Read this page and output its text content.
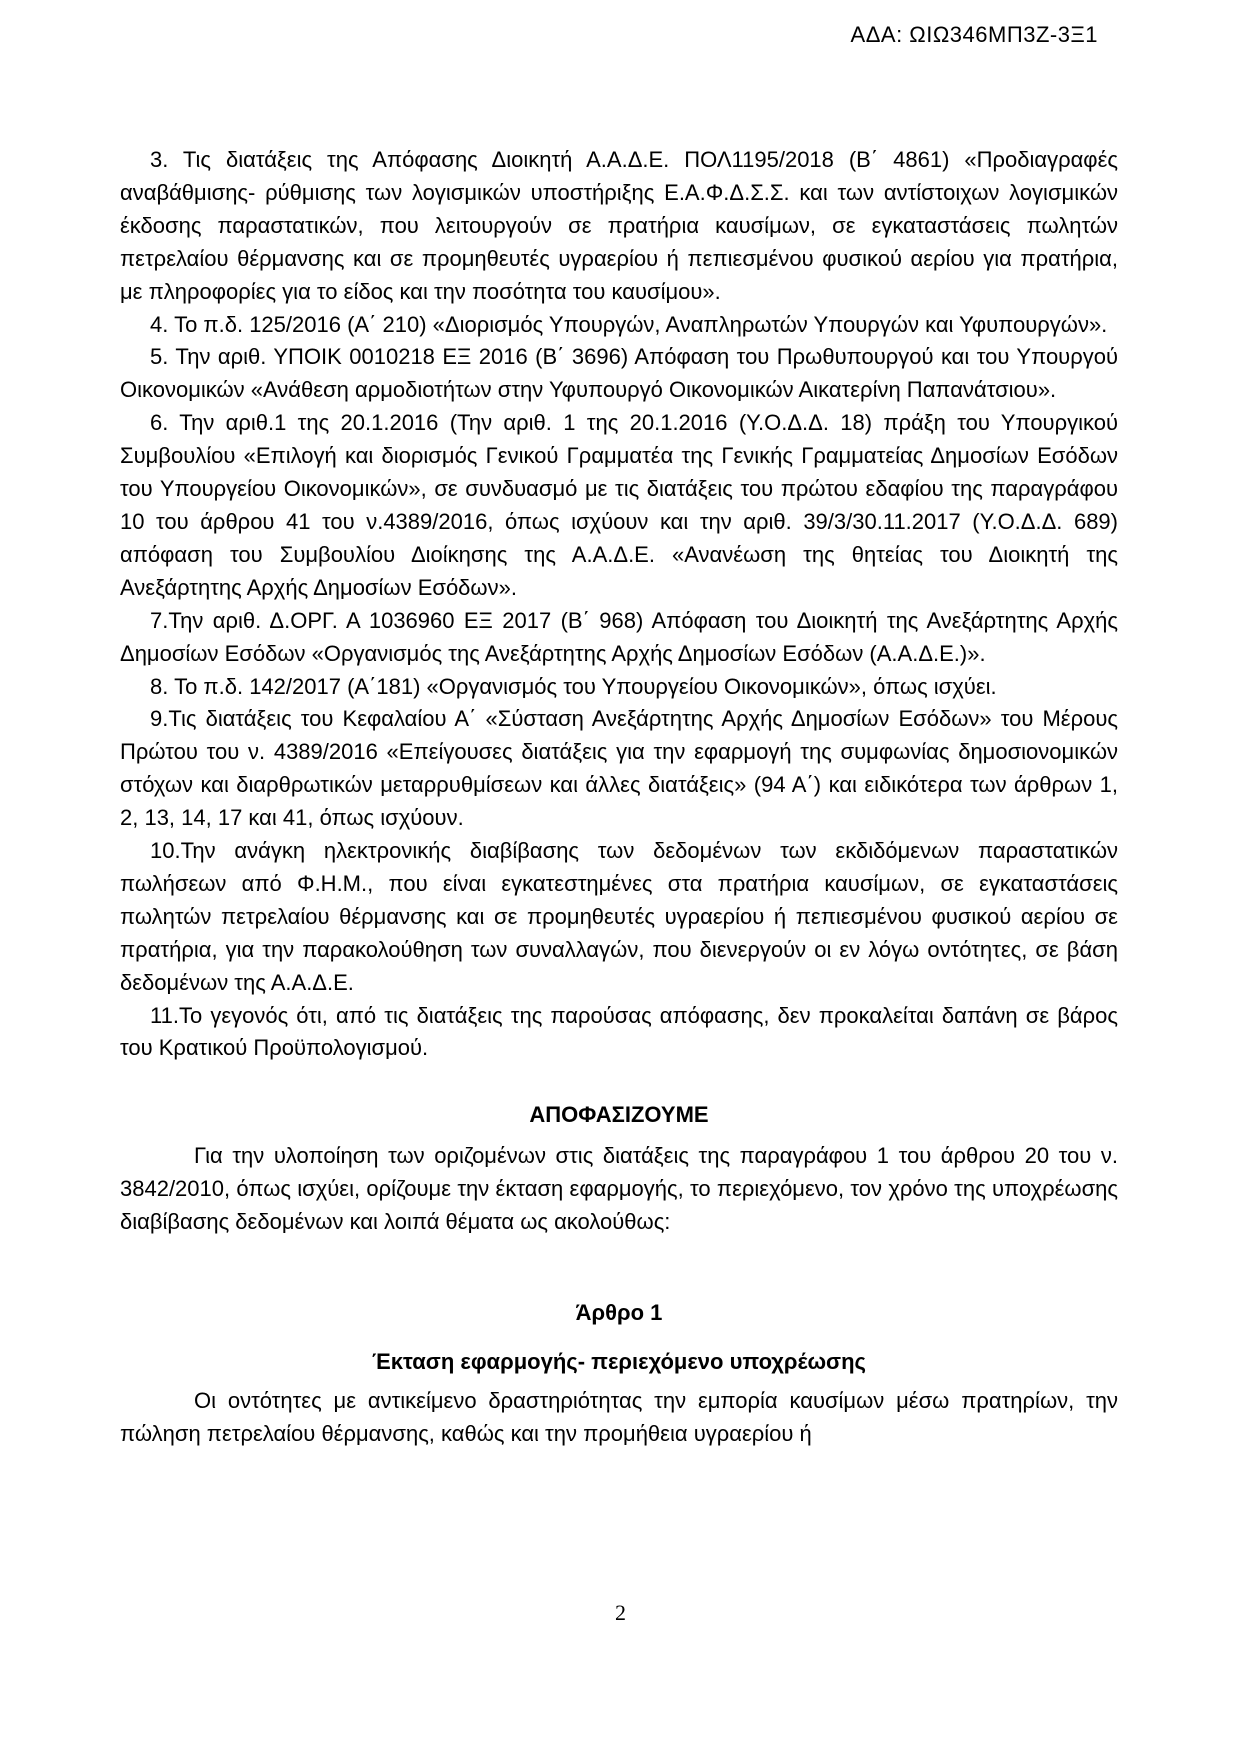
ΑΔΑ: ΩΙΩ346ΜΠ3Ζ-3Ξ1

3. Τις διατάξεις της Απόφασης Διοικητή Α.Α.Δ.Ε. ΠΟΛ1195/2018 (Β΄ 4861) «Προδιαγραφές αναβάθμισης- ρύθμισης των λογισμικών υποστήριξης Ε.Α.Φ.Δ.Σ.Σ. και των αντίστοιχων λογισμικών έκδοσης παραστατικών, που λειτουργούν σε πρατήρια καυσίμων, σε εγκαταστάσεις πωλητών πετρελαίου θέρμανσης και σε προμηθευτές υγραερίου ή πεπιεσμένου φυσικού αερίου για πρατήρια, με πληροφορίες για το είδος και την ποσότητα του καυσίμου».

4. Το π.δ. 125/2016 (Α΄ 210) «Διορισμός Υπουργών, Αναπληρωτών Υπουργών και Υφυπουργών».

5. Την αριθ. ΥΠΟΙΚ 0010218 ΕΞ 2016 (Β΄ 3696) Απόφαση του Πρωθυπουργού και του Υπουργού Οικονομικών «Ανάθεση αρμοδιοτήτων στην Υφυπουργό Οικονομικών Αικατερίνη Παπανάτσιου».

6. Την αριθ.1 της 20.1.2016 (Την αριθ. 1 της 20.1.2016 (Υ.Ο.Δ.Δ. 18) πράξη του Υπουργικού Συμβουλίου «Επιλογή και διορισμός Γενικού Γραμματέα της Γενικής Γραμματείας Δημοσίων Εσόδων του Υπουργείου Οικονομικών», σε συνδυασμό με τις διατάξεις του πρώτου εδαφίου της παραγράφου 10 του άρθρου 41 του ν.4389/2016, όπως ισχύουν και την αριθ. 39/3/30.11.2017 (Υ.Ο.Δ.Δ. 689) απόφαση του Συμβουλίου Διοίκησης της Α.Α.Δ.Ε. «Ανανέωση της θητείας του Διοικητή της Ανεξάρτητης Αρχής Δημοσίων Εσόδων».

7.Την αριθ. Δ.ΟΡΓ. Α 1036960 ΕΞ 2017 (Β΄ 968) Απόφαση του Διοικητή της Ανεξάρτητης Αρχής Δημοσίων Εσόδων «Οργανισμός της Ανεξάρτητης Αρχής Δημοσίων Εσόδων (Α.Α.Δ.Ε.)».

8. Το π.δ. 142/2017 (Α΄181) «Οργανισμός του Υπουργείου Οικονομικών», όπως ισχύει.

9.Τις διατάξεις του Κεφαλαίου Α΄ «Σύσταση Ανεξάρτητης Αρχής Δημοσίων Εσόδων» του Μέρους Πρώτου του ν. 4389/2016 «Επείγουσες διατάξεις για την εφαρμογή της συμφωνίας δημοσιονομικών στόχων και διαρθρωτικών μεταρρυθμίσεων και άλλες διατάξεις» (94 Α΄) και ειδικότερα των άρθρων 1, 2, 13, 14, 17 και 41, όπως ισχύουν.

10.Την ανάγκη ηλεκτρονικής διαβίβασης των δεδομένων των εκδιδόμενων παραστατικών πωλήσεων από Φ.Η.Μ., που είναι εγκατεστημένες στα πρατήρια καυσίμων, σε εγκαταστάσεις πωλητών πετρελαίου θέρμανσης και σε προμηθευτές υγραερίου ή πεπιεσμένου φυσικού αερίου σε πρατήρια, για την παρακολούθηση των συναλλαγών, που διενεργούν οι εν λόγω οντότητες, σε βάση δεδομένων της Α.Α.Δ.Ε.

11.Το γεγονός ότι, από τις διατάξεις της παρούσας απόφασης, δεν προκαλείται δαπάνη σε βάρος του Κρατικού Προϋπολογισμού.

ΑΠΟΦΑΣΙΖΟΥΜΕ

Για την υλοποίηση των οριζομένων στις διατάξεις της παραγράφου 1 του άρθρου 20 του ν. 3842/2010, όπως ισχύει, ορίζουμε την έκταση εφαρμογής, το περιεχόμενο, τον χρόνο της υποχρέωσης διαβίβασης δεδομένων και λοιπά θέματα ως ακολούθως:

Άρθρο 1

Έκταση εφαρμογής- περιεχόμενο υποχρέωσης

Οι οντότητες με αντικείμενο δραστηριότητας την εμπορία καυσίμων μέσω πρατηρίων, την πώληση πετρελαίου θέρμανσης, καθώς και την προμήθεια υγραερίου ή

2
